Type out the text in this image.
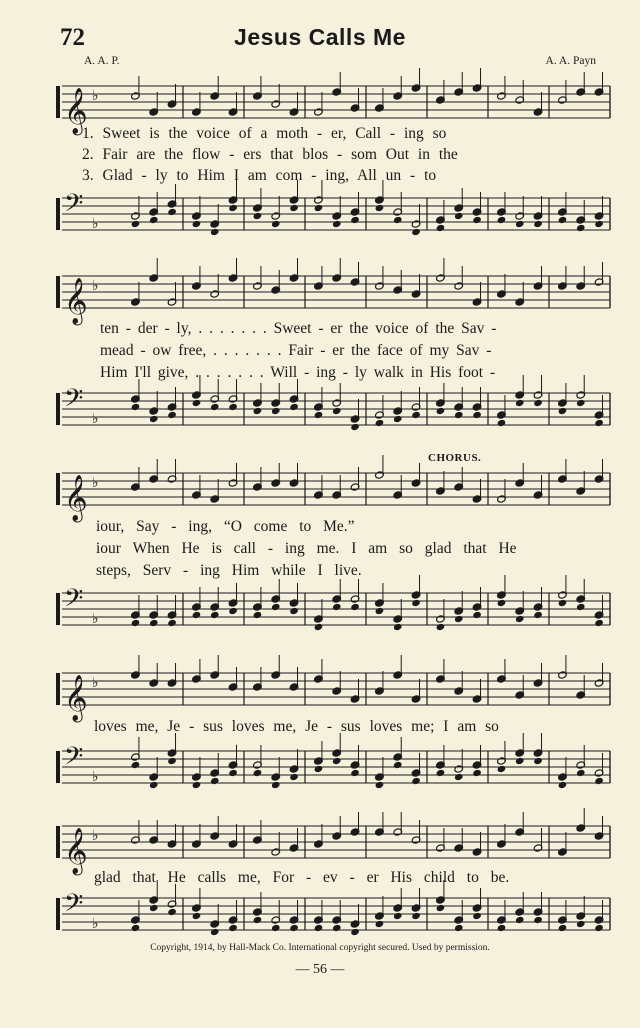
72	Jesus Calls Me
A. A. P.	A. A. Payn
𝄞 ♭
1. Sweet is the voice of a moth - er, Call - ing so
2. Fair are the flow - ers that blos - som Out in the
3. Glad - ly to Him I am com - ing, All un - to
𝄢 ♭
𝄞 ♭
ten - der - ly, . . . . . . . Sweet - er the voice of the Sav -
mead - ow free, . . . . . . . Fair - er the face of my Sav -
Him I'll give, . . . . . . . Will - ing - ly walk in His foot -
𝄢 ♭
CHORUS.
𝄞 ♭
iour, Say - ing, “O come to Me.”
iour When He is call - ing me. I am so glad that He
steps, Serv - ing Him while I live.
𝄢 ♭
𝄞 ♭
loves me, Je - sus loves me, Je - sus loves me; I am so
𝄢 ♭
𝄞 ♭
glad that He calls me, For - ev - er His child to be.
𝄢 ♭
Copyright, 1914, by Hall-Mack Co. International copyright secured. Used by permission.
— 56 —
